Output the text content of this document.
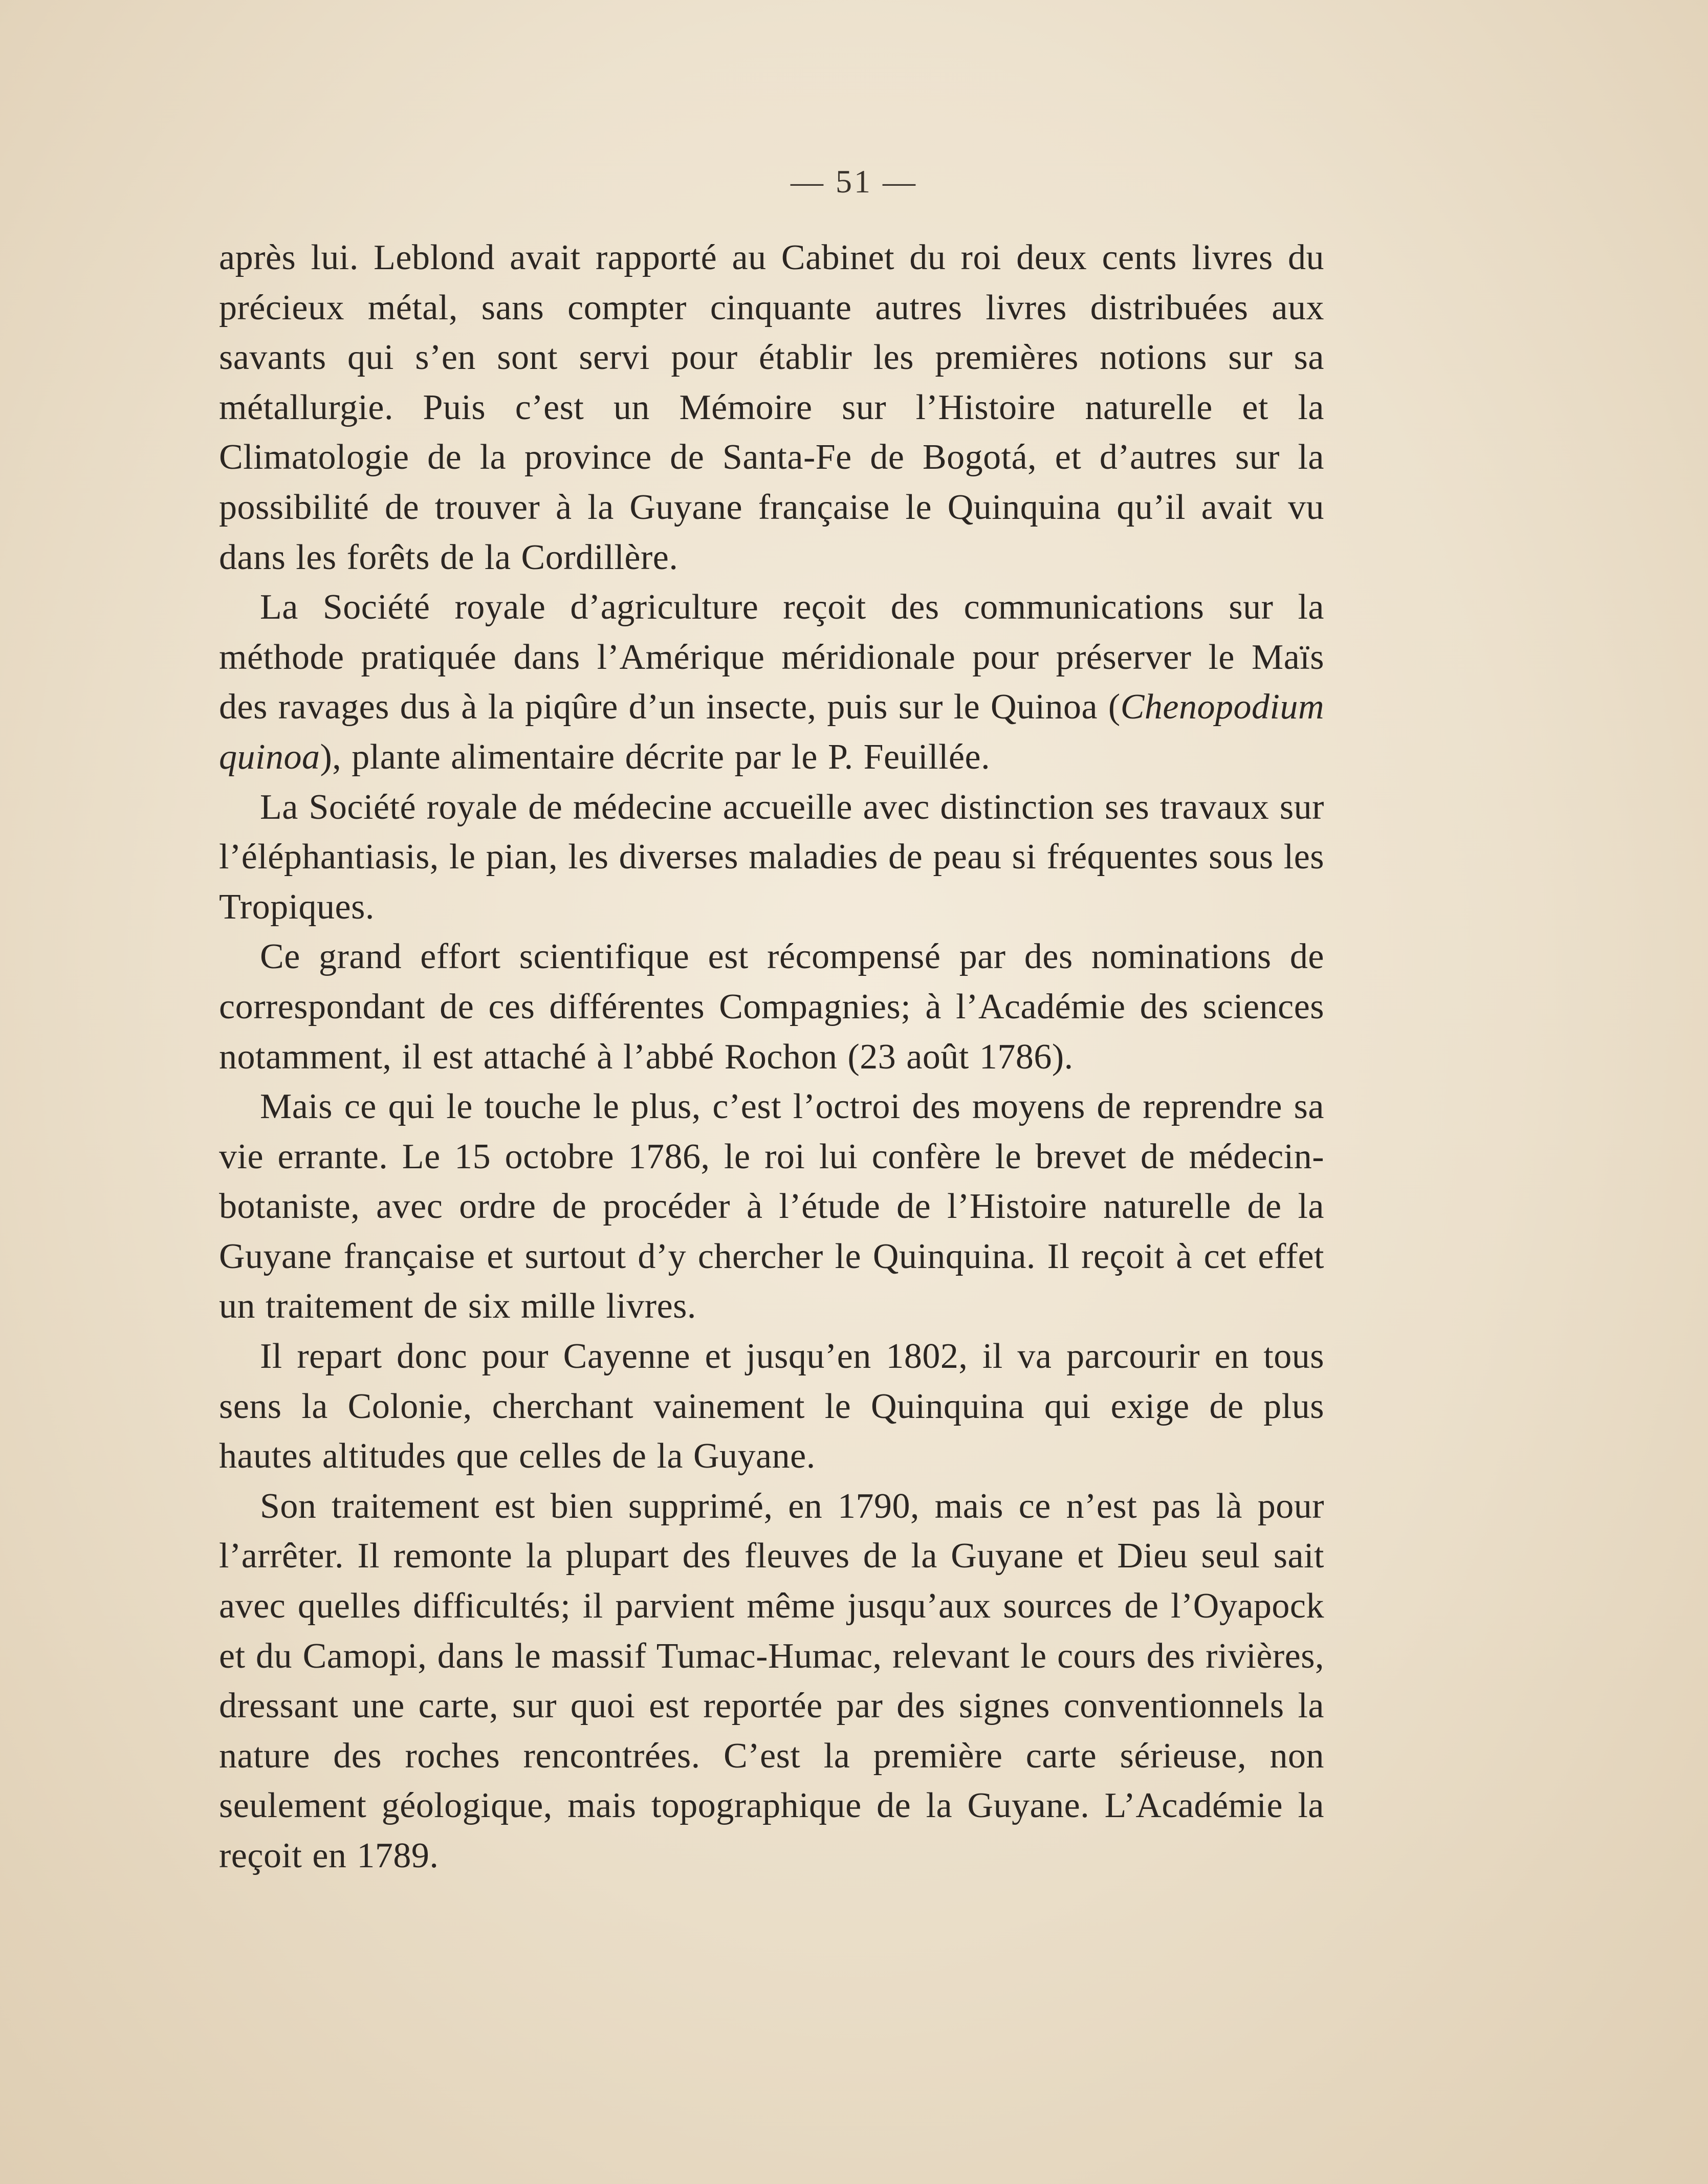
— 51 —

après lui. Leblond avait rapporté au Cabinet du roi deux cents livres du précieux métal, sans compter cinquante autres livres distribuées aux savants qui s’en sont servi pour établir les premières notions sur sa métallurgie. Puis c’est un Mémoire sur l’Histoire naturelle et la Climatologie de la province de Santa-Fe de Bogotá, et d’autres sur la possibilité de trouver à la Guyane française le Quinquina qu’il avait vu dans les forêts de la Cordillère.

La Société royale d’agriculture reçoit des communications sur la méthode pratiquée dans l’Amérique méridionale pour préserver le Maïs des ravages dus à la piqûre d’un insecte, puis sur le Quinoa (Chenopodium quinoa), plante alimentaire décrite par le P. Feuillée.

La Société royale de médecine accueille avec distinction ses travaux sur l’éléphantiasis, le pian, les diverses maladies de peau si fréquentes sous les Tropiques.

Ce grand effort scientifique est récompensé par des nominations de correspondant de ces différentes Compagnies; à l’Académie des sciences notamment, il est attaché à l’abbé Rochon (23 août 1786).

Mais ce qui le touche le plus, c’est l’octroi des moyens de reprendre sa vie errante. Le 15 octobre 1786, le roi lui confère le brevet de médecin-botaniste, avec ordre de procéder à l’étude de l’Histoire naturelle de la Guyane française et surtout d’y chercher le Quinquina. Il reçoit à cet effet un traitement de six mille livres.

Il repart donc pour Cayenne et jusqu’en 1802, il va parcourir en tous sens la Colonie, cherchant vainement le Quinquina qui exige de plus hautes altitudes que celles de la Guyane.

Son traitement est bien supprimé, en 1790, mais ce n’est pas là pour l’arrêter. Il remonte la plupart des fleuves de la Guyane et Dieu seul sait avec quelles difficultés; il parvient même jusqu’aux sources de l’Oyapock et du Camopi, dans le massif Tumac-Humac, relevant le cours des rivières, dressant une carte, sur quoi est reportée par des signes conventionnels la nature des roches rencontrées. C’est la première carte sérieuse, non seulement géologique, mais topographique de la Guyane. L’Académie la reçoit en 1789.
